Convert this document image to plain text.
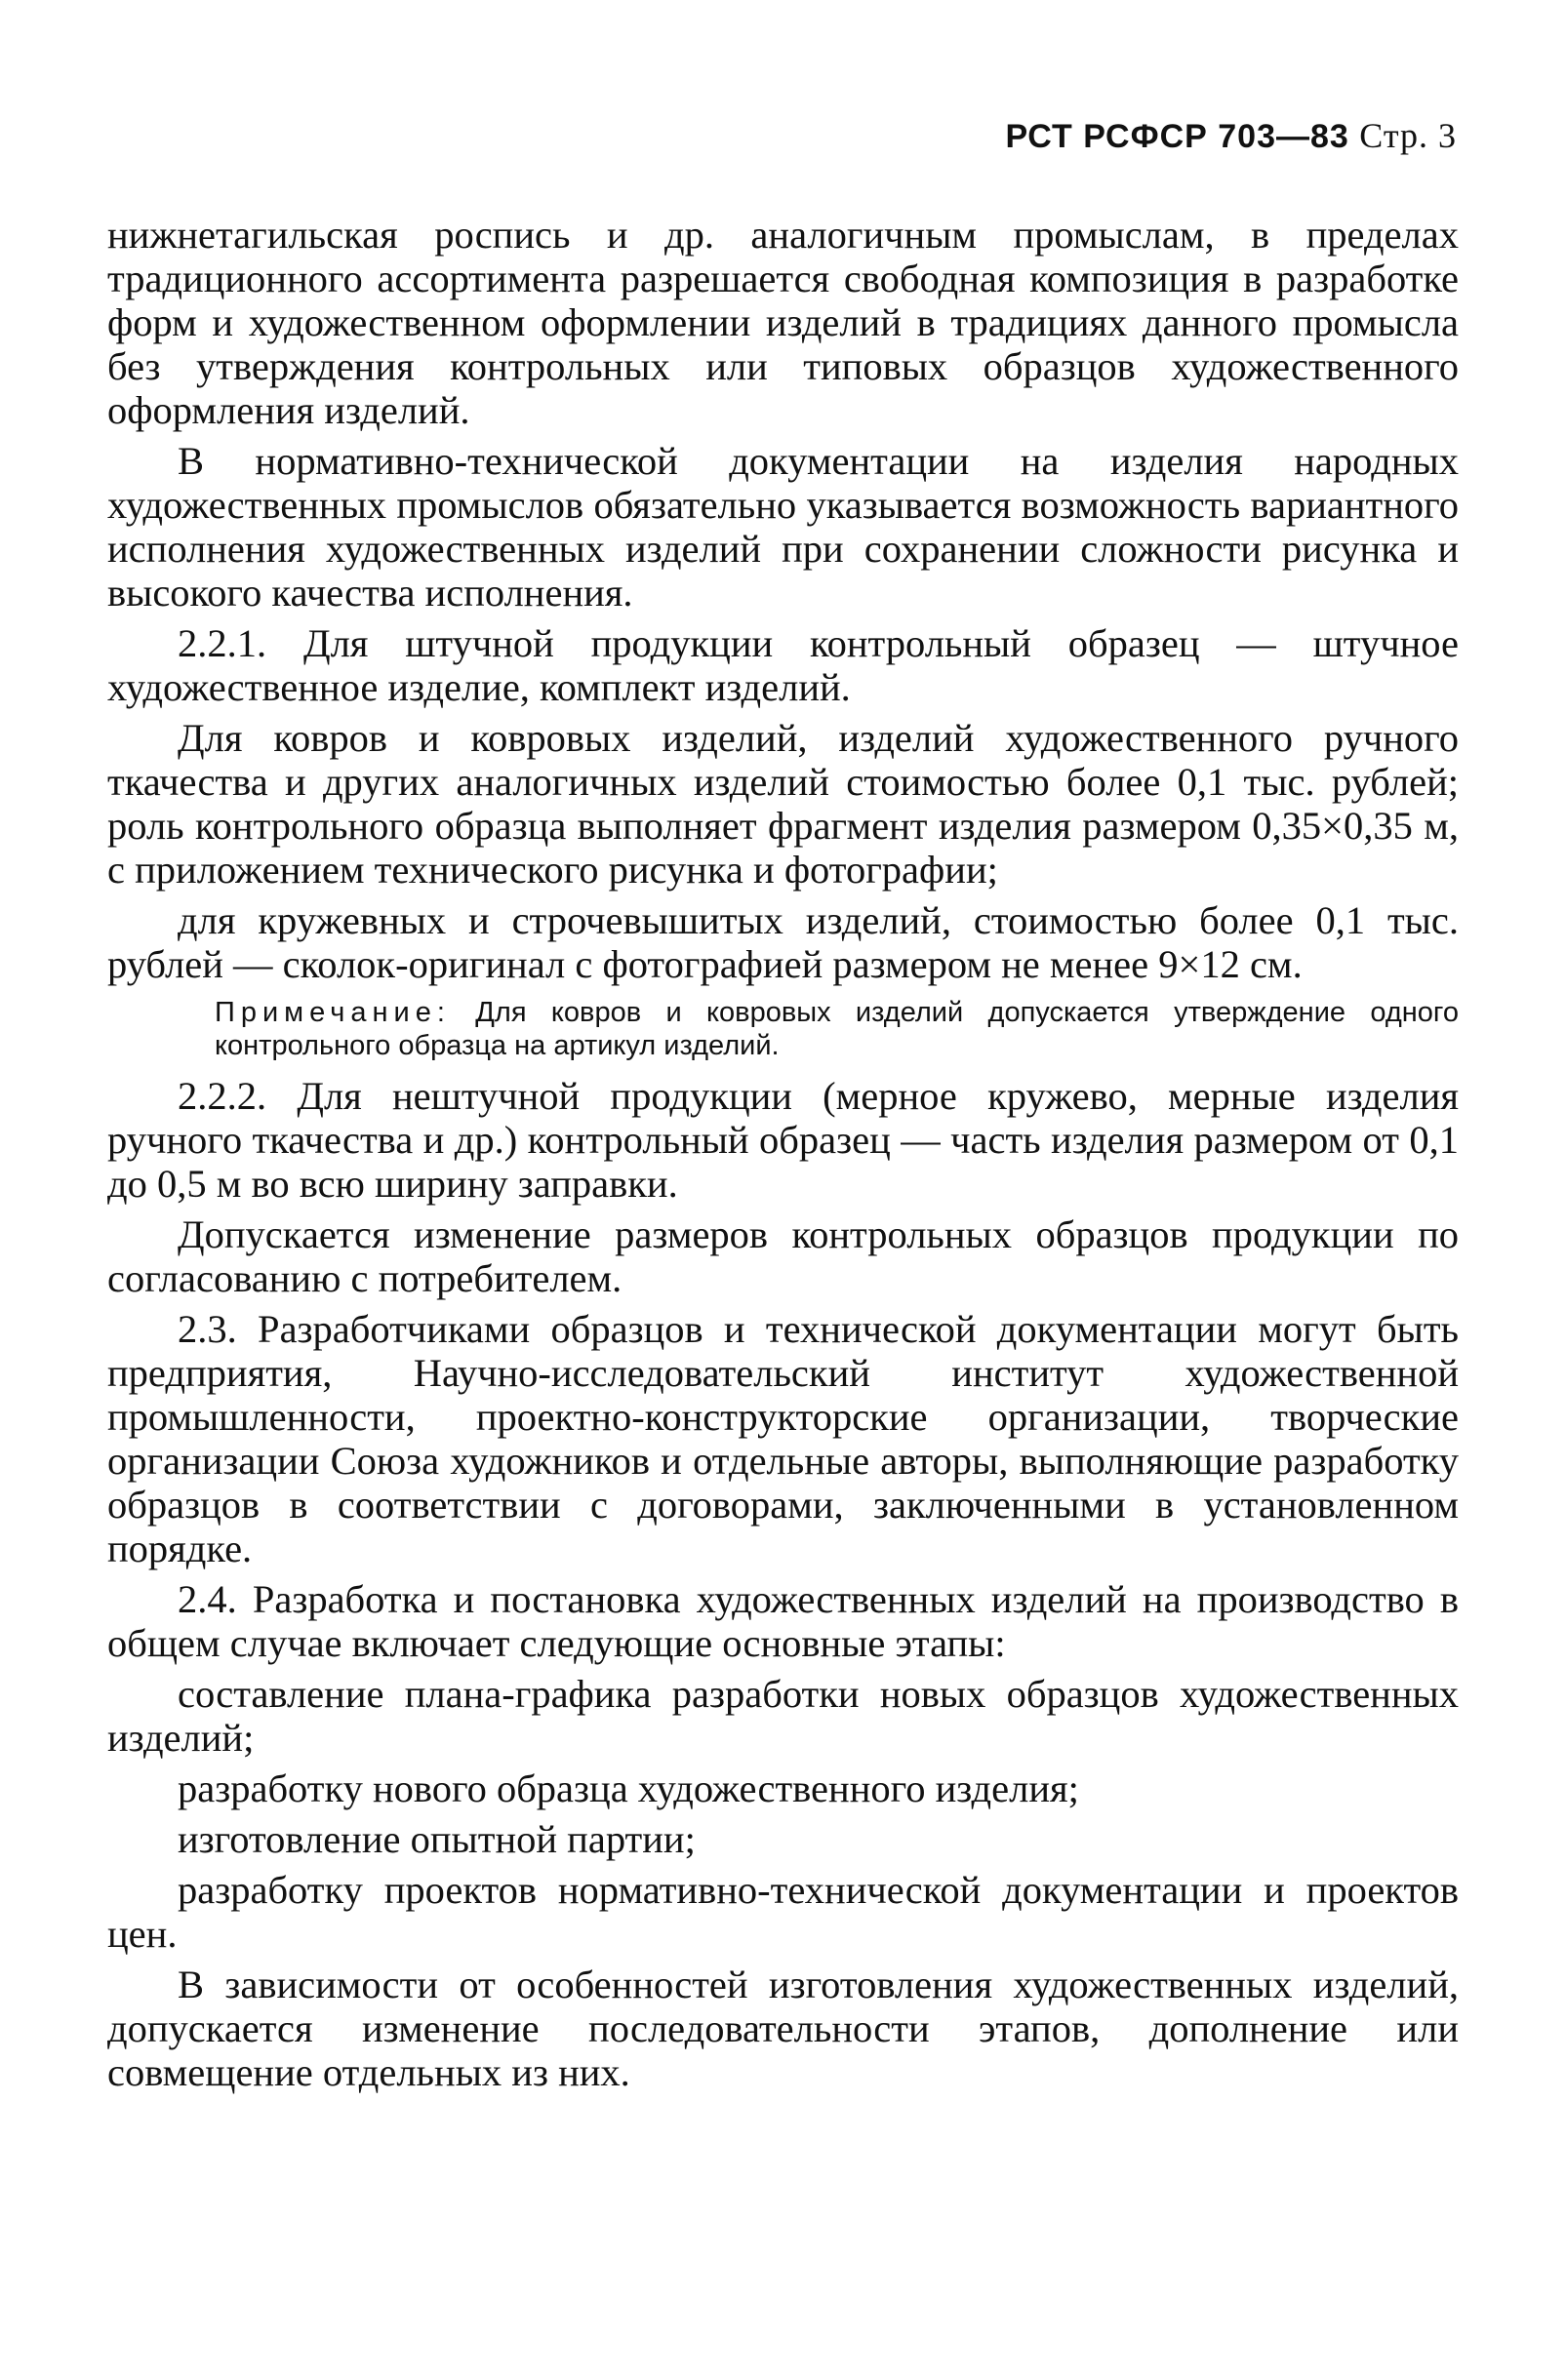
РСТ РСФСР 703—83 Стр. 3

нижнетагильская роспись и др. аналогичным промыслам, в пределах традиционного ассортимента разрешается свободная композиция в разработке форм и художественном оформлении изделий в традициях данного промысла без утверждения контрольных или типовых образцов художественного оформления изделий.

В нормативно-технической документации на изделия народных художественных промыслов обязательно указывается возможность вариантного исполнения художественных изделий при сохранении сложности рисунка и высокого качества исполнения.

2.2.1. Для штучной продукции контрольный образец — штучное художественное изделие, комплект изделий.

Для ковров и ковровых изделий, изделий художественного ручного ткачества и других аналогичных изделий стоимостью более 0,1 тыс. рублей; роль контрольного образца выполняет фрагмент изделия размером 0,35×0,35 м, с приложением технического рисунка и фотографии;

для кружевных и строчевышитых изделий, стоимостью более 0,1 тыс. рублей — сколок-оригинал с фотографией размером не менее 9×12 см.

Примечание: Для ковров и ковровых изделий допускается утверждение одного контрольного образца на артикул изделий.

2.2.2. Для нештучной продукции (мерное кружево, мерные изделия ручного ткачества и др.) контрольный образец — часть изделия размером от 0,1 до 0,5 м во всю ширину заправки.

Допускается изменение размеров контрольных образцов продукции по согласованию с потребителем.

2.3. Разработчиками образцов и технической документации могут быть предприятия, Научно-исследовательский институт художественной промышленности, проектно-конструкторские организации, творческие организации Союза художников и отдельные авторы, выполняющие разработку образцов в соответствии с договорами, заключенными в установленном порядке.

2.4. Разработка и постановка художественных изделий на производство в общем случае включает следующие основные этапы:

составление плана-графика разработки новых образцов художественных изделий;

разработку нового образца художественного изделия;

изготовление опытной партии;

разработку проектов нормативно-технической документации и проектов цен.

В зависимости от особенностей изготовления художественных изделий, допускается изменение последовательности этапов, дополнение или совмещение отдельных из них.
